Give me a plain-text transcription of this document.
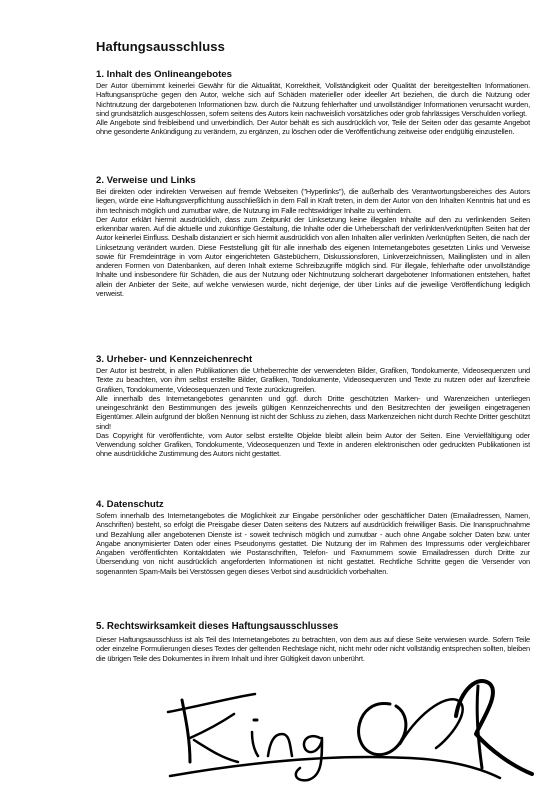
Haftungsausschluss
1. Inhalt des Onlineangebotes

Der Autor übernimmt keinerlei Gewähr für die Aktualität, Korrektheit, Vollständigkeit oder Qualität der bereitgestellten Informationen. Haftungsansprüche gegen den Autor, welche sich auf Schäden materieller oder ideeller Art beziehen, die durch die Nutzung oder Nichtnutzung der dargebotenen Informationen bzw. durch die Nutzung fehlerhafter und unvollständiger Informationen verursacht wurden, sind grundsätzlich ausgeschlossen, sofern seitens des Autors kein nachweislich vorsätzliches oder grob fahrlässiges Verschulden vorliegt.

Alle Angebote sind freibleibend und unverbindlich. Der Autor behält es sich ausdrücklich vor, Teile der Seiten oder das gesamte Angebot ohne gesonderte Ankündigung zu verändern, zu ergänzen, zu löschen oder die Veröffentlichung zeitweise oder endgültig einzustellen.

2. Verweise und Links

Bei direkten oder indirekten Verweisen auf fremde Webseiten ("Hyperlinks"), die außerhalb des Verantwortungsbereiches des Autors liegen, würde eine Haftungsverpflichtung ausschließlich in dem Fall in Kraft treten, in dem der Autor von den Inhalten Kenntnis hat und es ihm technisch möglich und zumutbar wäre, die Nutzung im Falle rechtswidriger Inhalte zu verhindern.

Der Autor erklärt hiermit ausdrücklich, dass zum Zeitpunkt der Linksetzung keine illegalen Inhalte auf den zu verlinkenden Seiten erkennbar waren. Auf die aktuelle und zukünftige Gestaltung, die Inhalte oder die Urheberschaft der verlinkten/verknüpften Seiten hat der Autor keinerlei Einfluss. Deshalb distanziert er sich hiermit ausdrücklich von allen Inhalten aller verlinkten /verknüpften Seiten, die nach der Linksetzung verändert wurden. Diese Feststellung gilt für alle innerhalb des eigenen Internetangebotes gesetzten Links und Verweise sowie für Fremdeinträge in vom Autor eingerichteten Gästebüchern, Diskussionsforen, Linkverzeichnissen, Mailinglisten und in allen anderen Formen von Datenbanken, auf deren Inhalt externe Schreibzugriffe möglich sind. Für illegale, fehlerhafte oder unvollständige Inhalte und insbesondere für Schäden, die aus der Nutzung oder Nichtnutzung solcherart dargebotener Informationen entstehen, haftet allein der Anbieter der Seite, auf welche verwiesen wurde, nicht derjenige, der über Links auf die jeweilige Veröffentlichung lediglich verweist.

3. Urheber- und Kennzeichenrecht

Der Autor ist bestrebt, in allen Publikationen die Urheberrechte der verwendeten Bilder, Grafiken, Tondokumente, Videosequenzen und Texte zu beachten, von ihm selbst erstellte Bilder, Grafiken, Tondokumente, Videosequenzen und Texte zu nutzen oder auf lizenzfreie Grafiken, Tondokumente, Videosequenzen und Texte zurückzugreifen.

Alle innerhalb des Internetangebotes genannten und ggf. durch Dritte geschützten Marken- und Warenzeichen unterliegen uneingeschränkt den Bestimmungen des jeweils gültigen Kennzeichenrechts und den Besitzrechten der jeweiligen eingetragenen Eigentümer. Allein aufgrund der bloßen Nennung ist nicht der Schluss zu ziehen, dass Markenzeichen nicht durch Rechte Dritter geschützt sind!

Das Copyright für veröffentlichte, vom Autor selbst erstellte Objekte bleibt allein beim Autor der Seiten. Eine Vervielfältigung oder Verwendung solcher Grafiken, Tondokumente, Videosequenzen und Texte in anderen elektronischen oder gedruckten Publikationen ist ohne ausdrückliche Zustimmung des Autors nicht gestattet.

4. Datenschutz

Sofern innerhalb des Internetangebotes die Möglichkeit zur Eingabe persönlicher oder geschäftlicher Daten (Emailadressen, Namen, Anschriften) besteht, so erfolgt die Preisgabe dieser Daten seitens des Nutzers auf ausdrücklich freiwilliger Basis. Die Inanspruchnahme und Bezahlung aller angebotenen Dienste ist - soweit technisch möglich und zumutbar - auch ohne Angabe solcher Daten bzw. unter Angabe anonymisierter Daten oder eines Pseudonyms gestattet. Die Nutzung der im Rahmen des Impressums oder vergleichbarer Angaben veröffentlichten Kontaktdaten wie Postanschriften, Telefon- und Faxnummern sowie Emailadressen durch Dritte zur Übersendung von nicht ausdrücklich angeforderten Informationen ist nicht gestattet. Rechtliche Schritte gegen die Versender von sogenannten Spam-Mails bei Verstössen gegen dieses Verbot sind ausdrücklich vorbehalten.

5. Rechtswirksamkeit dieses Haftungsausschlusses

Dieser Haftungsausschluss ist als Teil des Internetangebotes zu betrachten, von dem aus auf diese Seite verwiesen wurde. Sofern Teile oder einzelne Formulierungen dieses Textes der geltenden Rechtslage nicht, nicht mehr oder nicht vollständig entsprechen sollten, bleiben die übrigen Teile des Dokumentes in ihrem Inhalt und ihrer Gültigkeit davon unberührt.
